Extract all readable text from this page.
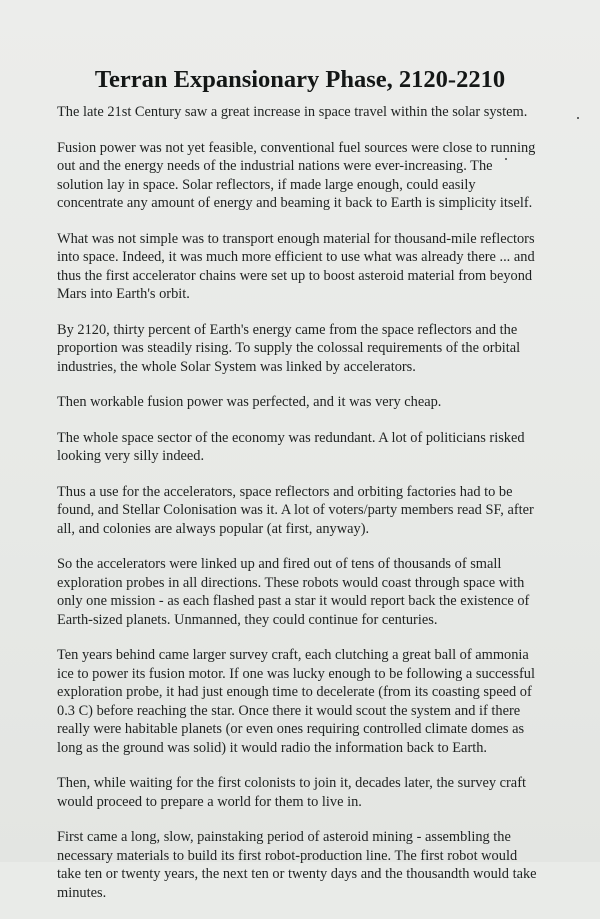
Terran Expansionary Phase, 2120-2210

The late 21st Century saw a great increase in space travel within the solar system.

Fusion power was not yet feasible, conventional fuel sources were close to running
out and the energy needs of the industrial nations were ever-increasing. The
solution lay in space. Solar reflectors, if made large enough, could easily
concentrate any amount of energy and beaming it back to Earth is simplicity itself.

What was not simple was to transport enough material for thousand-mile reflectors
into space. Indeed, it was much more efficient to use what was already there ... and
thus the first accelerator chains were set up to boost asteroid material from beyond
Mars into Earth's orbit.

By 2120, thirty percent of Earth's energy came from the space reflectors and the
proportion was steadily rising. To supply the colossal requirements of the orbital
industries, the whole Solar System was linked by accelerators.

Then workable fusion power was perfected, and it was very cheap.

The whole space sector of the economy was redundant. A lot of politicians risked
looking very silly indeed.

Thus a use for the accelerators, space reflectors and orbiting factories had to be
found, and Stellar Colonisation was it. A lot of voters/party members read SF, after
all, and colonies are always popular (at first, anyway).

So the accelerators were linked up and fired out of tens of thousands of small
exploration probes in all directions. These robots would coast through space with
only one mission - as each flashed past a star it would report back the existence of
Earth-sized planets. Unmanned, they could continue for centuries.

Ten years behind came larger survey craft, each clutching a great ball of ammonia
ice to power its fusion motor. If one was lucky enough to be following a successful
exploration probe, it had just enough time to decelerate (from its coasting speed of
0.3 C) before reaching the star. Once there it would scout the system and if there
really were habitable planets (or even ones requiring controlled climate domes as
long as the ground was solid) it would radio the information back to Earth.

Then, while waiting for the first colonists to join it, decades later, the survey craft
would proceed to prepare a world for them to live in.

First came a long, slow, painstaking period of asteroid mining - assembling the
necessary materials to build its first robot-production line. The first robot would
take ten or twenty years, the next ten or twenty days and the thousandth would take
minutes.
